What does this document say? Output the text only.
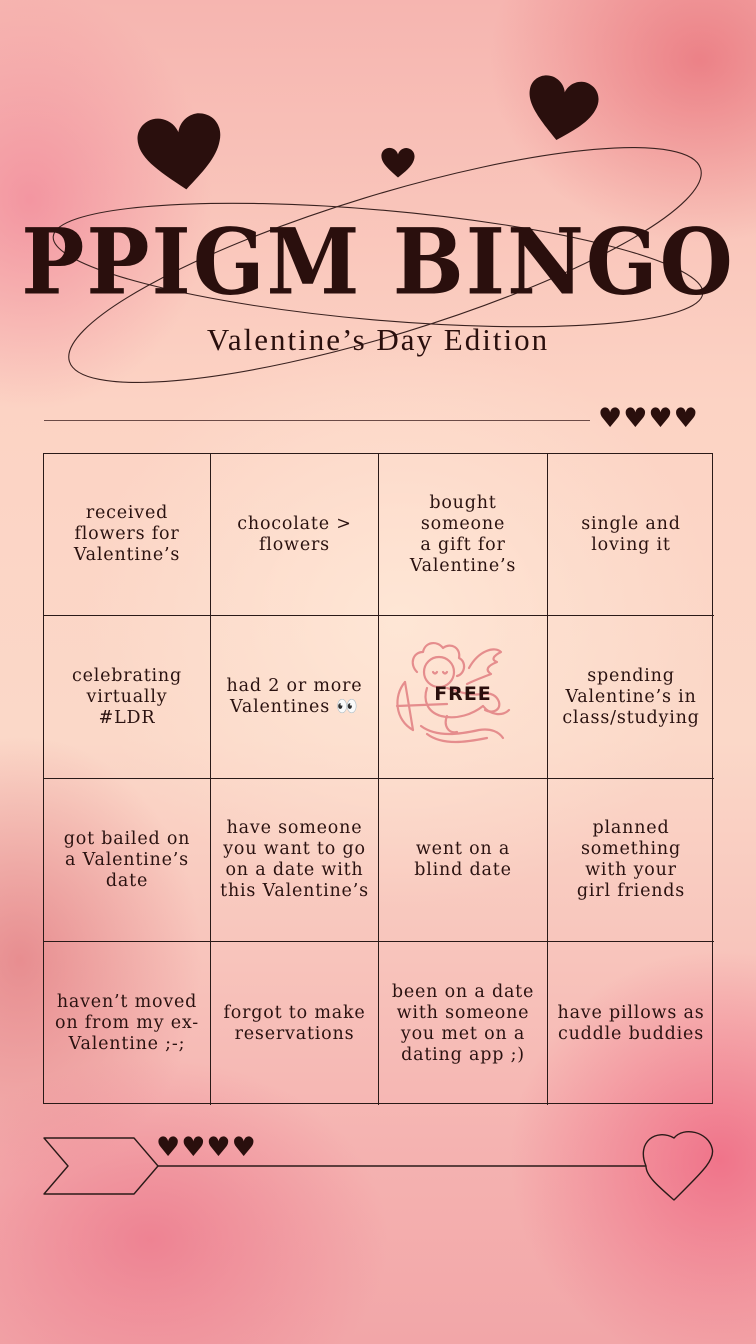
PPIGM BINGO
Valentine’s Day Edition
♥♥♥♥
received
flowers for
Valentine’s
chocolate >
flowers
bought
someone
a gift for
Valentine’s
single and
loving it
celebrating
virtually
#LDR
had 2 or more
Valentines 👀
FREE
spending
Valentine’s in
class/studying
got bailed on
a Valentine’s
date
have someone
you want to go
on a date with
this Valentine’s
went on a
blind date
planned
something
with your
girl friends
haven’t moved
on from my ex-
Valentine ;-;
forgot to make
reservations
been on a date
with someone
you met on a
dating app ;)
have pillows as
cuddle buddies
♥♥♥♥
